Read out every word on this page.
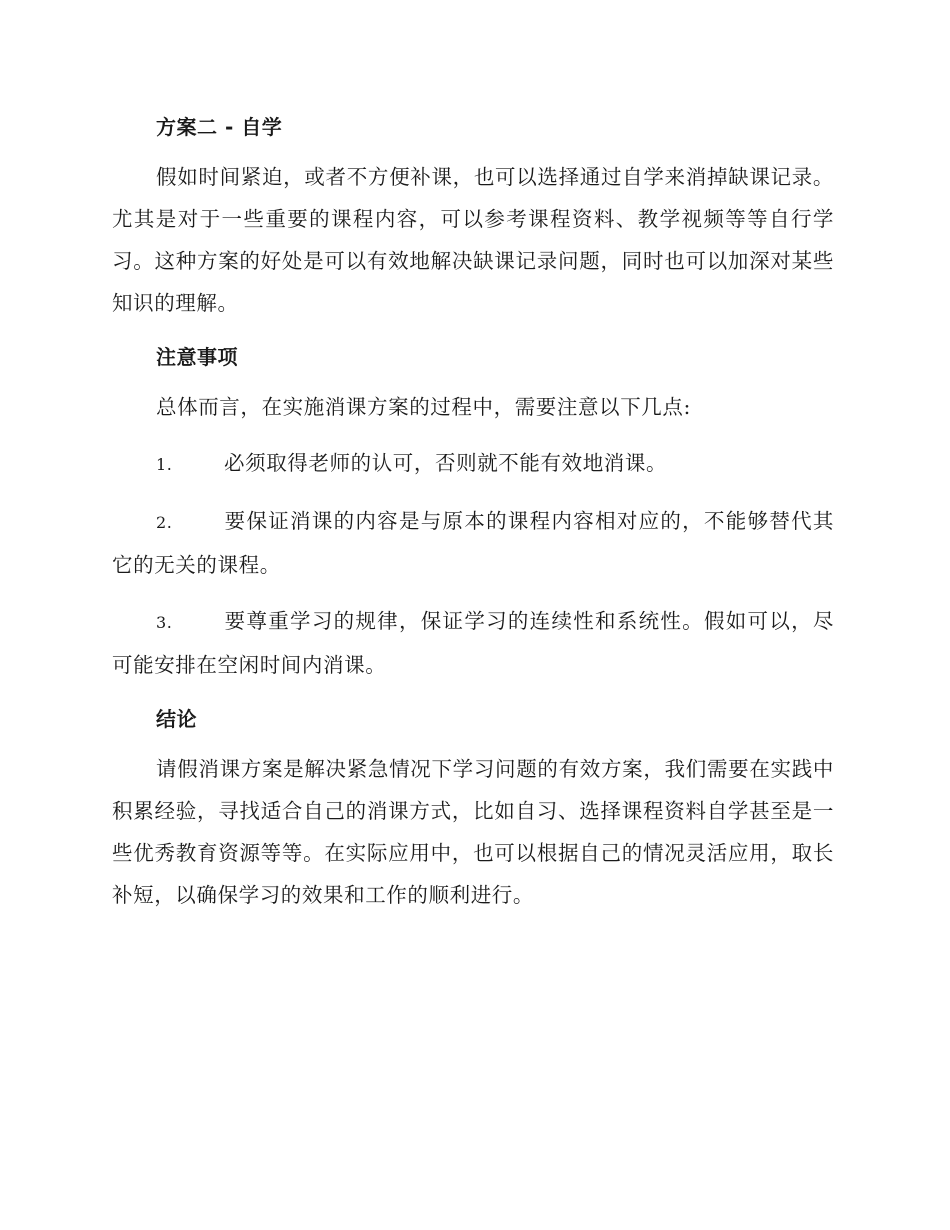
方案二 - 自学

假如时间紧迫，或者不方便补课，也可以选择通过自学来消掉缺课记录。尤其是对于一些重要的课程内容，可以参考课程资料、教学视频等等自行学习。这种方案的好处是可以有效地解决缺课记录问题，同时也可以加深对某些知识的理解。

注意事项

总体而言，在实施消课方案的过程中，需要注意以下几点:

1.	必须取得老师的认可，否则就不能有效地消课。

2.	要保证消课的内容是与原本的课程内容相对应的，不能够替代其它的无关的课程。

3.	要尊重学习的规律，保证学习的连续性和系统性。假如可以，尽可能安排在空闲时间内消课。

结论

请假消课方案是解决紧急情况下学习问题的有效方案，我们需要在实践中积累经验，寻找适合自己的消课方式，比如自习、选择课程资料自学甚至是一些优秀教育资源等等。在实际应用中，也可以根据自己的情况灵活应用，取长补短，以确保学习的效果和工作的顺利进行。
